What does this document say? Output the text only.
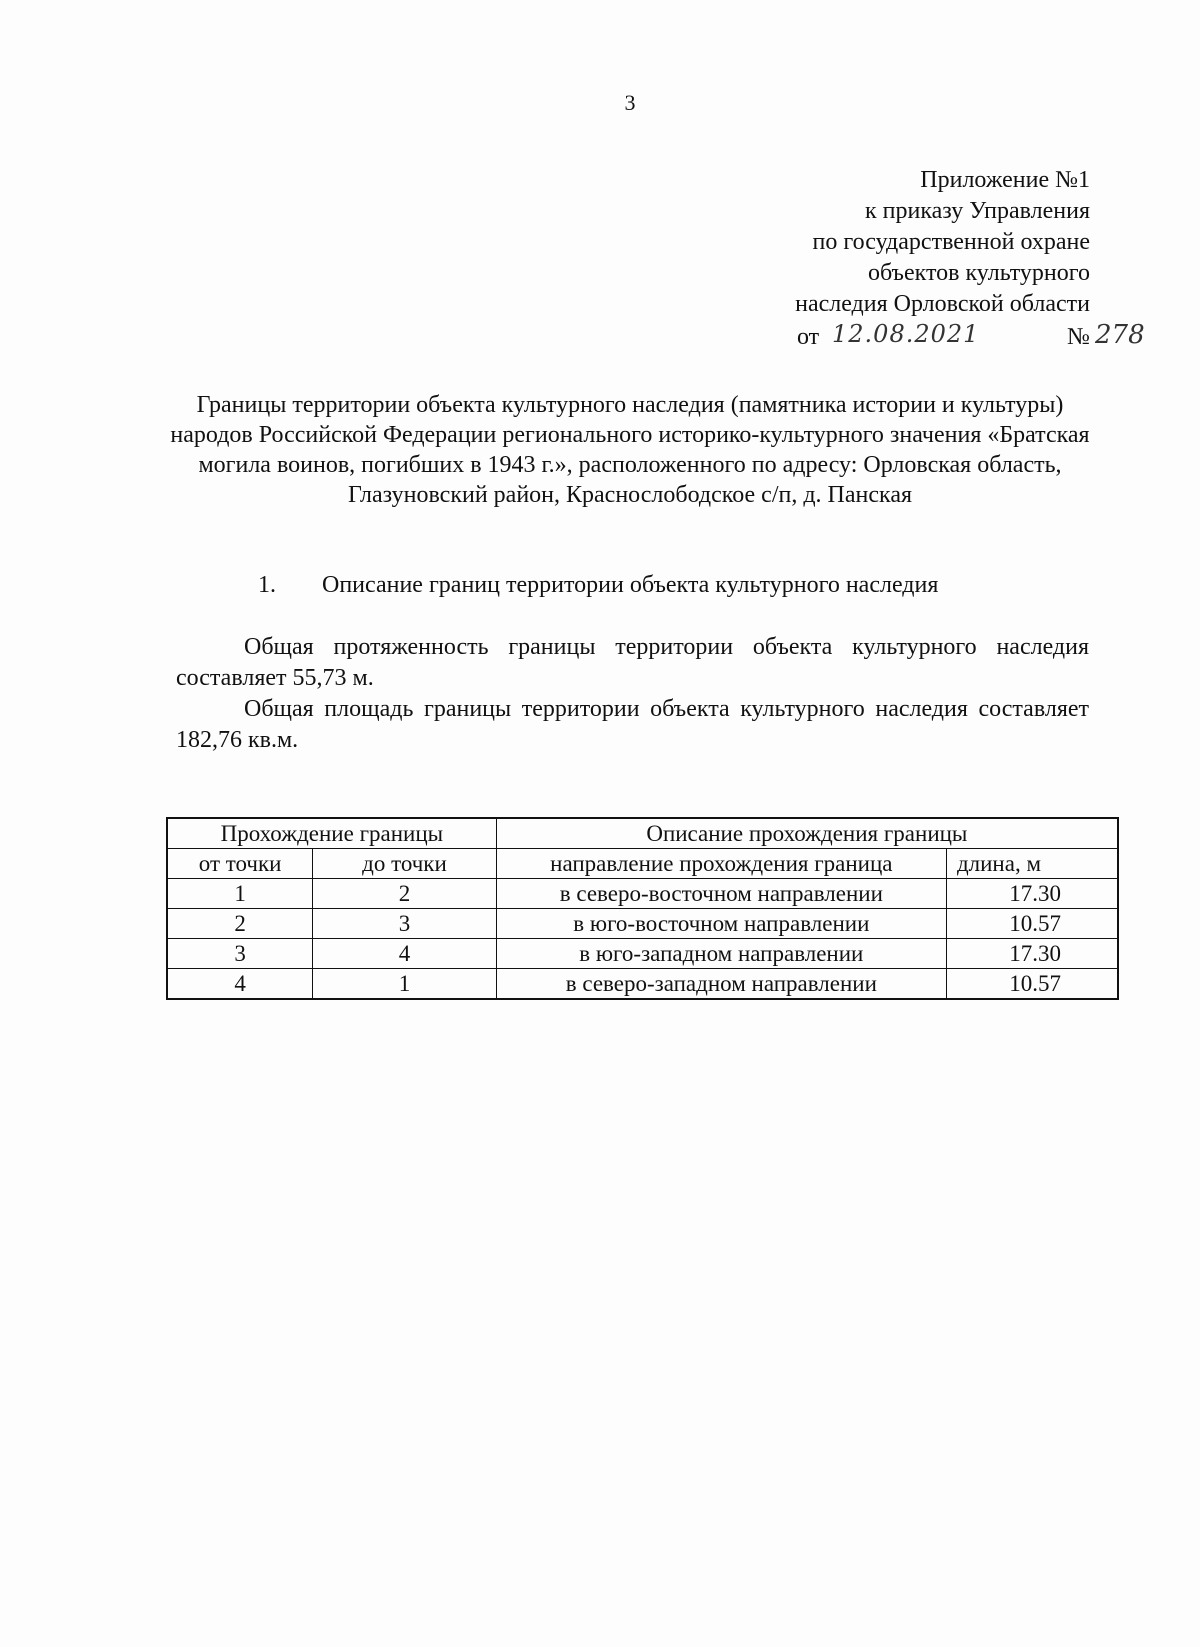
3
Приложение №1
к приказу Управления
по государственной охране
объектов культурного
наследия Орловской области
от 12.08.2021	№ 278
Границы территории объекта культурного наследия (памятника истории и культуры) народов Российской Федерации регионального историко-культурного значения «Братская могила воинов, погибших в 1943 г.», расположенного по адресу: Орловская область, Глазуновский район, Краснослободское с/п, д. Панская
1. Описание границ территории объекта культурного наследия
Общая протяженность границы территории объекта культурного наследия составляет 55,73 м.
Общая площадь границы территории объекта культурного наследия составляет 182,76 кв.м.
Прохождение границы		Описание прохождения границы	
от точки	до точки	направление прохождения граница	длина, м
1	2	в северо-восточном направлении	17.30
2	3	в юго-восточном направлении	10.57
3	4	в юго-западном направлении	17.30
4	1	в северо-западном направлении	10.57
